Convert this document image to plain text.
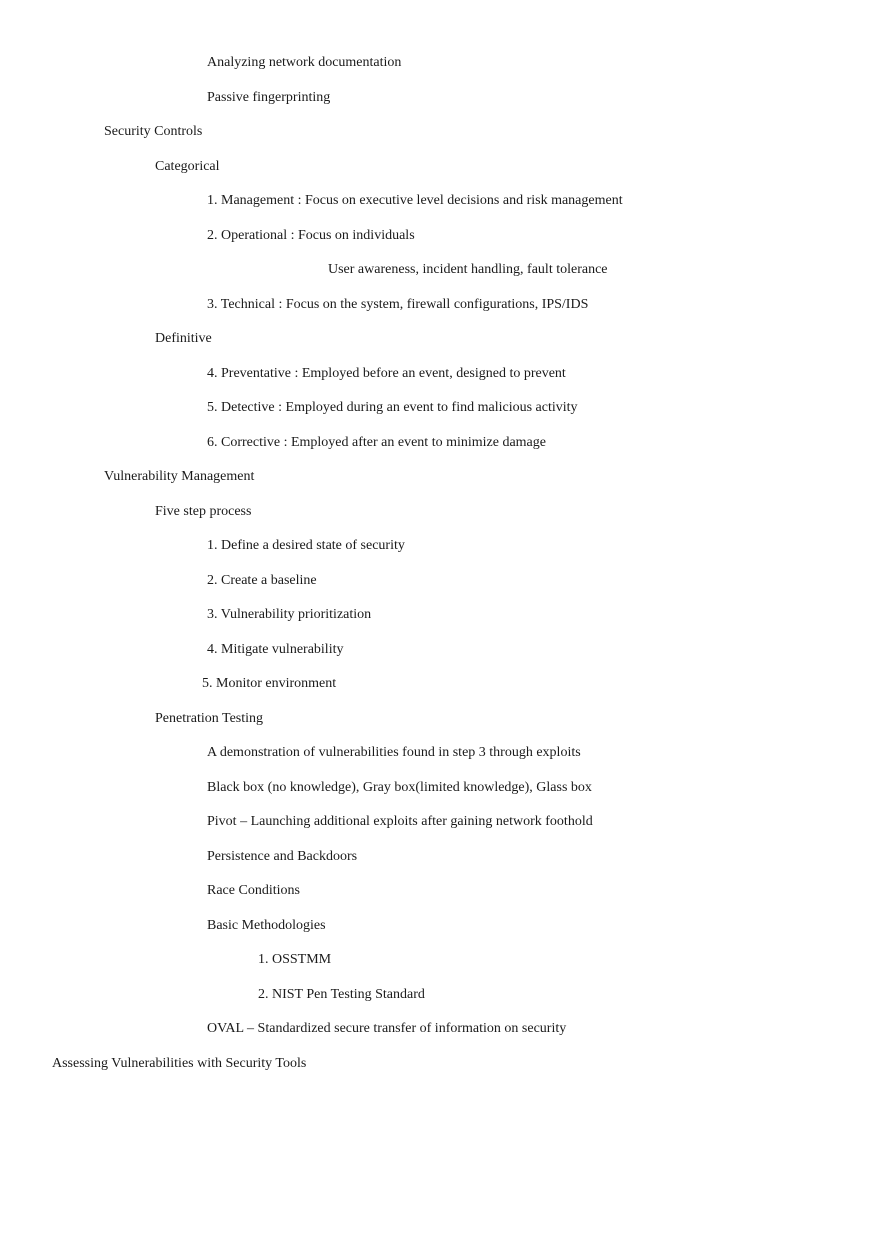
Analyzing network documentation
Passive fingerprinting
Security Controls
Categorical
1. Management : Focus on executive level decisions and risk management
2. Operational : Focus on individuals
User awareness, incident handling, fault tolerance
3. Technical : Focus on the system, firewall configurations, IPS/IDS
Definitive
4. Preventative : Employed before an event, designed to prevent
5. Detective : Employed during an event to find malicious activity
6. Corrective : Employed after an event to minimize damage
Vulnerability Management
Five step process
1. Define a desired state of security
2. Create a baseline
3. Vulnerability prioritization
4. Mitigate vulnerability
5. Monitor environment
Penetration Testing
A demonstration of vulnerabilities found in step 3 through exploits
Black box (no knowledge), Gray box(limited knowledge), Glass box
Pivot – Launching additional exploits after gaining network foothold
Persistence and Backdoors
Race Conditions
Basic Methodologies
1. OSSTMM
2. NIST Pen Testing Standard
OVAL – Standardized secure transfer of information on security
Assessing Vulnerabilities with Security Tools
